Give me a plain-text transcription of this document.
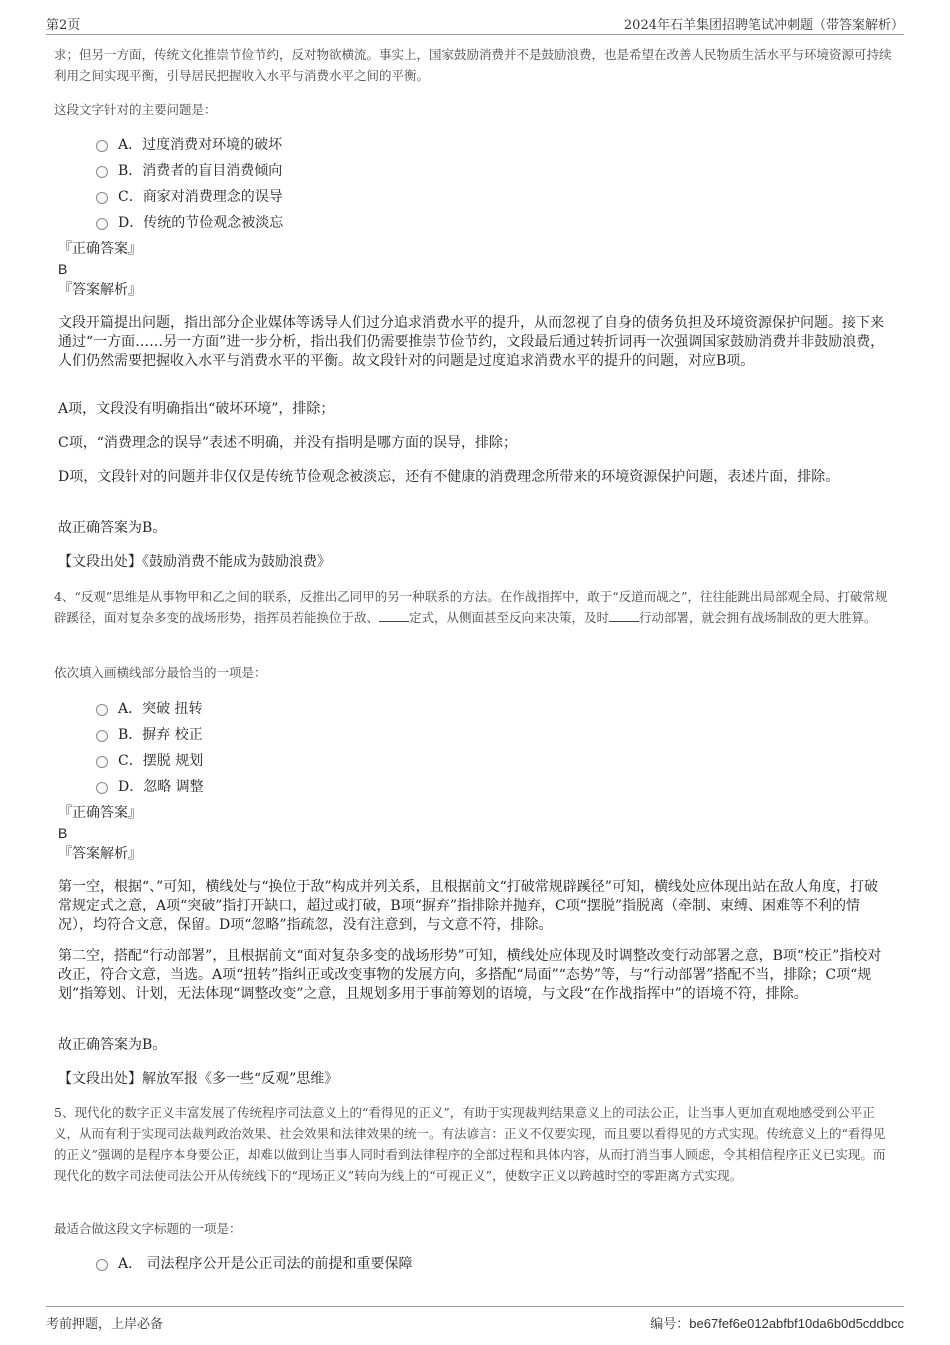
第2页	2024年石羊集团招聘笔试冲刺题（带答案解析）
求；但另一方面，传统文化推崇节俭节约，反对物欲横流。事实上，国家鼓励消费并不是鼓励浪费，也是希望在改善人民物质生活水平与环境资源可持续利用之间实现平衡，引导居民把握收入水平与消费水平之间的平衡。
这段文字针对的主要问题是：
A．过度消费对环境的破坏
B．消费者的盲目消费倾向
C．商家对消费理念的误导
D．传统的节俭观念被淡忘
『正确答案』
B
『答案解析』
文段开篇提出问题，指出部分企业媒体等诱导人们过分追求消费水平的提升，从而忽视了自身的债务负担及环境资源保护问题。接下来通过“一方面……另一方面”进一步分析，指出我们仍需要推崇节俭节约，文段最后通过转折词再一次强调国家鼓励消费并非鼓励浪费，人们仍然需要把握收入水平与消费水平的平衡。故文段针对的问题是过度追求消费水平的提升的问题，对应B项。
A项，文段没有明确指出“破坏环境”，排除；
C项，“消费理念的误导”表述不明确，并没有指明是哪方面的误导，排除；
D项，文段针对的问题并非仅仅是传统节俭观念被淡忘，还有不健康的消费理念所带来的环境资源保护问题，表述片面，排除。
故正确答案为B。
【文段出处】《鼓励消费不能成为鼓励浪费》
4、“反观”思维是从事物甲和乙之间的联系，反推出乙同甲的另一种联系的方法。在作战指挥中，敢于“反道而觇之”，往往能跳出局部观全局、打破常规辟蹊径，面对复杂多变的战场形势，指挥员若能换位于敌、 定式，从侧面甚至反向来决策，及时 行动部署，就会拥有战场制敌的更大胜算。
依次填入画横线部分最恰当的一项是：
A．突破 扭转
B．摒弃 校正
C．摆脱 规划
D．忽略 调整
『正确答案』
B
『答案解析』
第一空，根据“、”可知，横线处与“换位于敌”构成并列关系，且根据前文“打破常规辟蹊径”可知，横线处应体现出站在敌人角度，打破常规定式之意，A项“突破”指打开缺口，超过或打破，B项“摒弃”指排除并抛弃，C项“摆脱”指脱离（牵制、束缚、困难等不利的情况），均符合文意，保留。D项“忽略”指疏忽，没有注意到，与文意不符，排除。
第二空，搭配“行动部署”，且根据前文“面对复杂多变的战场形势”可知，横线处应体现及时调整改变行动部署之意，B项“校正”指校对改正，符合文意，当选。A项“扭转”指纠正或改变事物的发展方向，多搭配“局面”“态势”等，与“行动部署”搭配不当，排除；C项“规划”指筹划、计划，无法体现“调整改变”之意，且规划多用于事前筹划的语境，与文段“在作战指挥中”的语境不符，排除。
故正确答案为B。
【文段出处】解放军报《多一些“反观”思维》
5、现代化的数字正义丰富发展了传统程序司法意义上的“看得见的正义”，有助于实现裁判结果意义上的司法公正，让当事人更加直观地感受到公平正义，从而有利于实现司法裁判政治效果、社会效果和法律效果的统一。有法谚言：正义不仅要实现，而且要以看得见的方式实现。传统意义上的“看得见的正义”强调的是程序本身要公正，却难以做到让当事人同时看到法律程序的全部过程和具体内容，从而打消当事人顾虑，令其相信程序正义已实现。而现代化的数字司法使司法公开从传统线下的“现场正义”转向为线上的“可视正义”，使数字正义以跨越时空的零距离方式实现。
最适合做这段文字标题的一项是：
A． 司法程序公开是公正司法的前提和重要保障
考前押题，上岸必备	编号：be67fef6e012abfbf10da6b0d5cddbcc
